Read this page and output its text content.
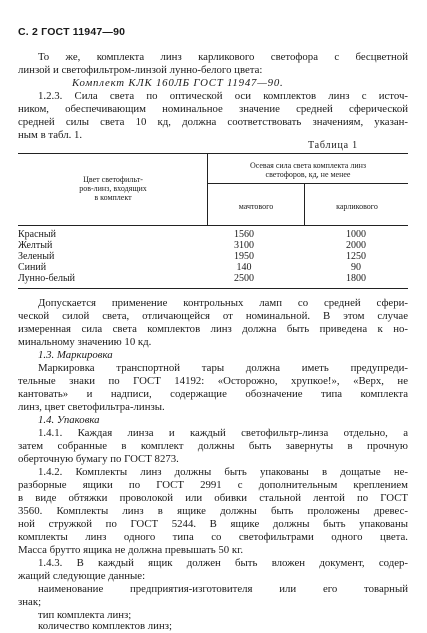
С. 2 ГОСТ 11947—90
То же, комплекта линз карликового светофора с бесцветной
линзой и светофильтром-линзой лунно-белого цвета:
Комплект КЛК 160ЛБ ГОСТ 11947—90.
1.2.3. Сила света по оптической оси комплектов линз с источ-
ником, обеспечивающим номинальное значение средней сферической
средней силы света 10 кд, должна соответствовать значениям, указан-
ным в табл. 1.
Таблица 1
Цвет светофильт-
ров-линз, входящих
в комплект
Осевая сила света комплекта линз
светофоров, кд, не менее
мачтового	карликового
Красный	1560	1000
Желтый	3100	2000
Зеленый	1950	1250
Синий	140	90
Лунно-белый	2500	1800
Допускается применение контрольных ламп со средней сфери-
ческой силой света, отличающейся от номинальной. В этом случае
измеренная сила света комплектов линз должна быть приведена к но-
минальному значению 10 кд.
1.3. Маркировка
Маркировка транспортной тары должна иметь предупреди-
тельные знаки по ГОСТ 14192: «Осторожно, хрупкое!», «Верх, не
кантовать» и надписи, содержащие обозначение типа комплекта
линз, цвет светофильтра-линзы.
1.4. Упаковка
1.4.1. Каждая линза и каждый светофильтр-линза отдельно, а
затем собранные в комплект должны быть завернуты в прочную
оберточную бумагу по ГОСТ 8273.
1.4.2. Комплекты линз должны быть упакованы в дощатые не-
разборные ящики по ГОСТ 2991 с дополнительным креплением
в виде обтяжки проволокой или обивки стальной лентой по ГОСТ
3560. Комплекты линз в ящике должны быть проложены древес-
ной стружкой по ГОСТ 5244. В ящике должны быть упакованы
комплекты линз одного типа со светофильтрами одного цвета.
Масса брутто ящика не должна превышать 50 кг.
1.4.3. В каждый ящик должен быть вложен документ, содер-
жащий следующие данные:
наименование предприятия-изготовителя или его товарный
знак;
тип комплекта линз;
количество комплектов линз;
